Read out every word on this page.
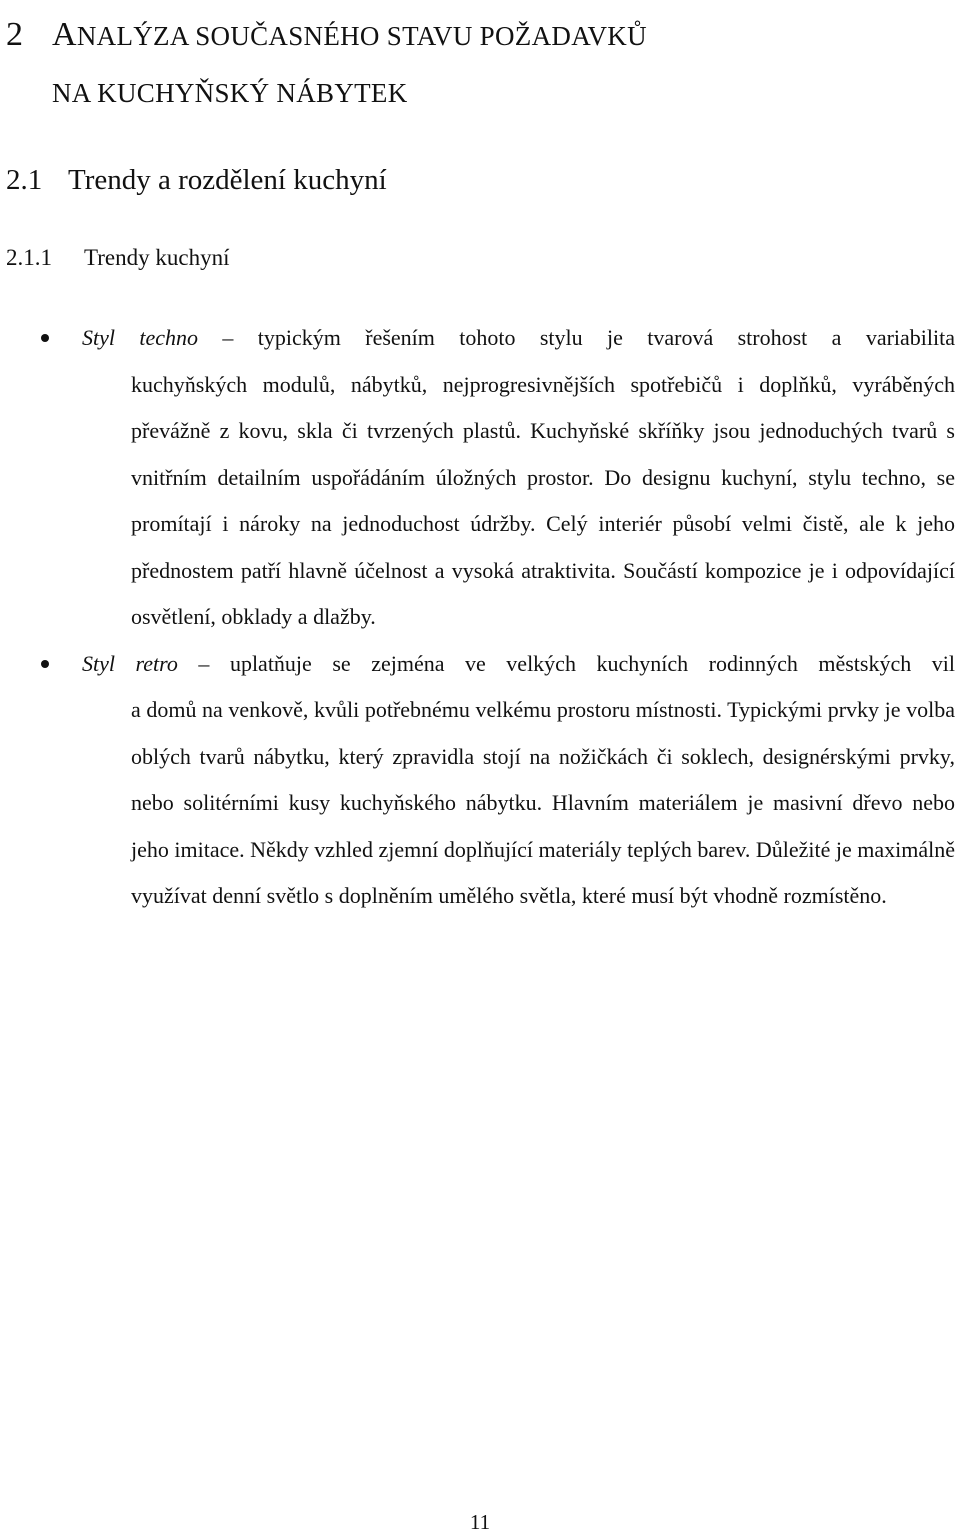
2 ANALÝZA SOUČASNÉHO STAVU POŽADAVKŮ
NA KUCHYŇSKÝ NÁBYTEK
2.1 Trendy a rozdělení kuchyní
2.1.1 Trendy kuchyní
Styl techno – typickým řešením tohoto stylu je tvarová strohost a variabilita
kuchyňských modulů, nábytků, nejprogresivnějších spotřebičů i doplňků, vyráběných převážně z kovu, skla či tvrzených plastů. Kuchyňské skříňky jsou jednoduchých tvarů s vnitřním detailním uspořádáním úložných prostor. Do designu kuchyní, stylu techno, se promítají i nároky na jednoduchost údržby. Celý interiér působí velmi čistě, ale k jeho přednostem patří hlavně účelnost a vysoká atraktivita. Součástí kompozice je i odpovídající osvětlení, obklady a dlažby.
Styl retro – uplatňuje se zejména ve velkých kuchyních rodinných městských vil
a domů na venkově, kvůli potřebnému velkému prostoru místnosti. Typickými prvky je volba oblých tvarů nábytku, který zpravidla stojí na nožičkách či soklech, designérskými prvky, nebo solitérními kusy kuchyňského nábytku. Hlavním materiálem je masivní dřevo nebo jeho imitace. Někdy vzhled zjemní doplňující materiály teplých barev. Důležité je maximálně využívat denní světlo s doplněním umělého světla, které musí být vhodně rozmístěno.
11
